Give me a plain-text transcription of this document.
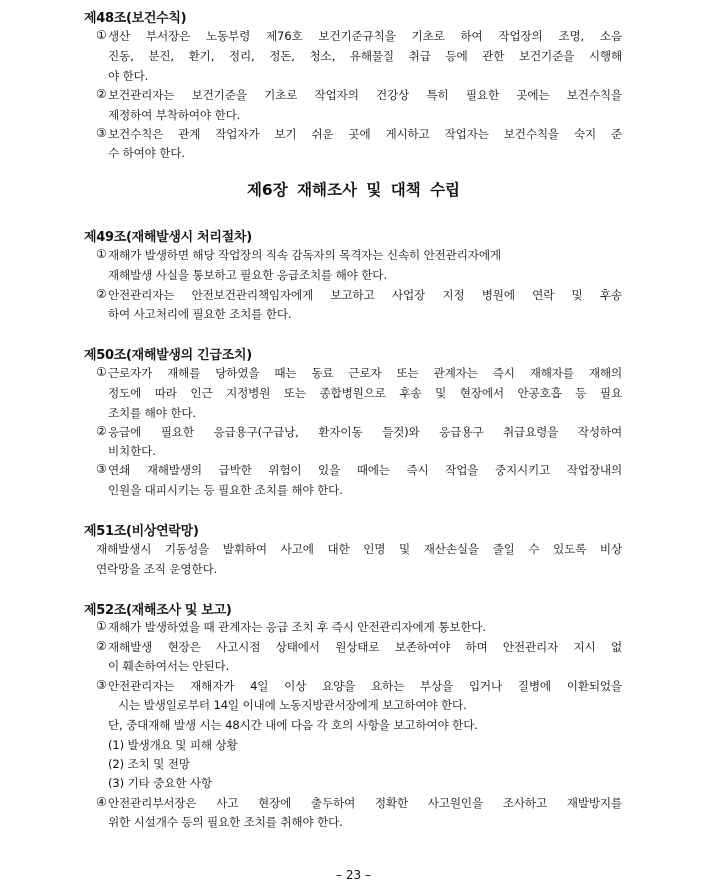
제48조(보건수칙)
① 생산 부서장은 노동부령 제76호 보건기준규칙을 기초로 하여 작업장의 조명, 소음
진동, 분진, 환기, 정리, 정돈, 청소, 유해물질 취급 등에 관한 보건기준을 시행해
야 한다.
② 보건관리자는 보건기준을 기초로 작업자의 건강상 특히 필요한 곳에는 보건수칙을
제정하여 부착하여야 한다.
③ 보건수칙은 관계 작업자가 보기 쉬운 곳에 게시하고 작업자는 보건수칙을 숙지 준
수 하여야 한다.
제6장 재해조사 및 대책 수립
제49조(재해발생시 처리절차)
① 재해가 발생하면 해당 작업장의 직속 감독자의 목격자는 신속히 안전관리자에게
재해발생 사실을 통보하고 필요한 응급조치를 해야 한다.
② 안전관리자는 안전보건관리책임자에게 보고하고 사업장 지정 병원에 연락 및 후송
하여 사고처리에 필요한 조치를 한다.
제50조(재해발생의 긴급조치)
① 근로자가 재해를 당하였을 때는 동료 근로자 또는 관계자는 즉시 재해자를 재해의
정도에 따라 인근 지정병원 또는 종합병원으로 후송 및 현장에서 안공호흡 등 필요
조치를 해야 한다.
② 응급에 필요한 응급용구(구급낭, 환자이동 들것)와 응급용구 취급요령을 작성하여
비치한다.
③ 연쇄 재해발생의 급박한 위험이 있을 때에는 즉시 작업을 중지시키고 작업장내의
인원을 대피시키는 등 필요한 조치를 해야 한다.
제51조(비상연락망)
재해발생시 기동성을 발휘하여 사고에 대한 인명 및 재산손실을 줄일 수 있도록 비상
연락망을 조직 운영한다.
제52조(재해조사 및 보고)
① 재해가 발생하였을 때 관계자는 응급 조치 후 즉시 안전관리자에게 통보한다.
② 재해발생 현장은 사고시점 상태에서 원상태로 보존하여야 하며 안전관리자 지시 없
이 훼손하여서는 안된다.
③ 안전관리자는 재해자가 4일 이상 요양을 요하는 부상을 입거나 질병에 이환되었을
시는 발생일로부터 14일 이내에 노동지방관서장에게 보고하여야 한다.
단, 중대재해 발생 시는 48시간 내에 다음 각 호의 사항을 보고하여야 한다.
(1) 발생개요 및 피해 상황
(2) 조치 및 전망
(3) 기타 중요한 사항
④ 안전관리부서장은 사고 현장에 출두하여 정확한 사고원인을 조사하고 재발방지를
위한 시설개수 등의 필요한 조치를 취해야 한다.
– 23 –
